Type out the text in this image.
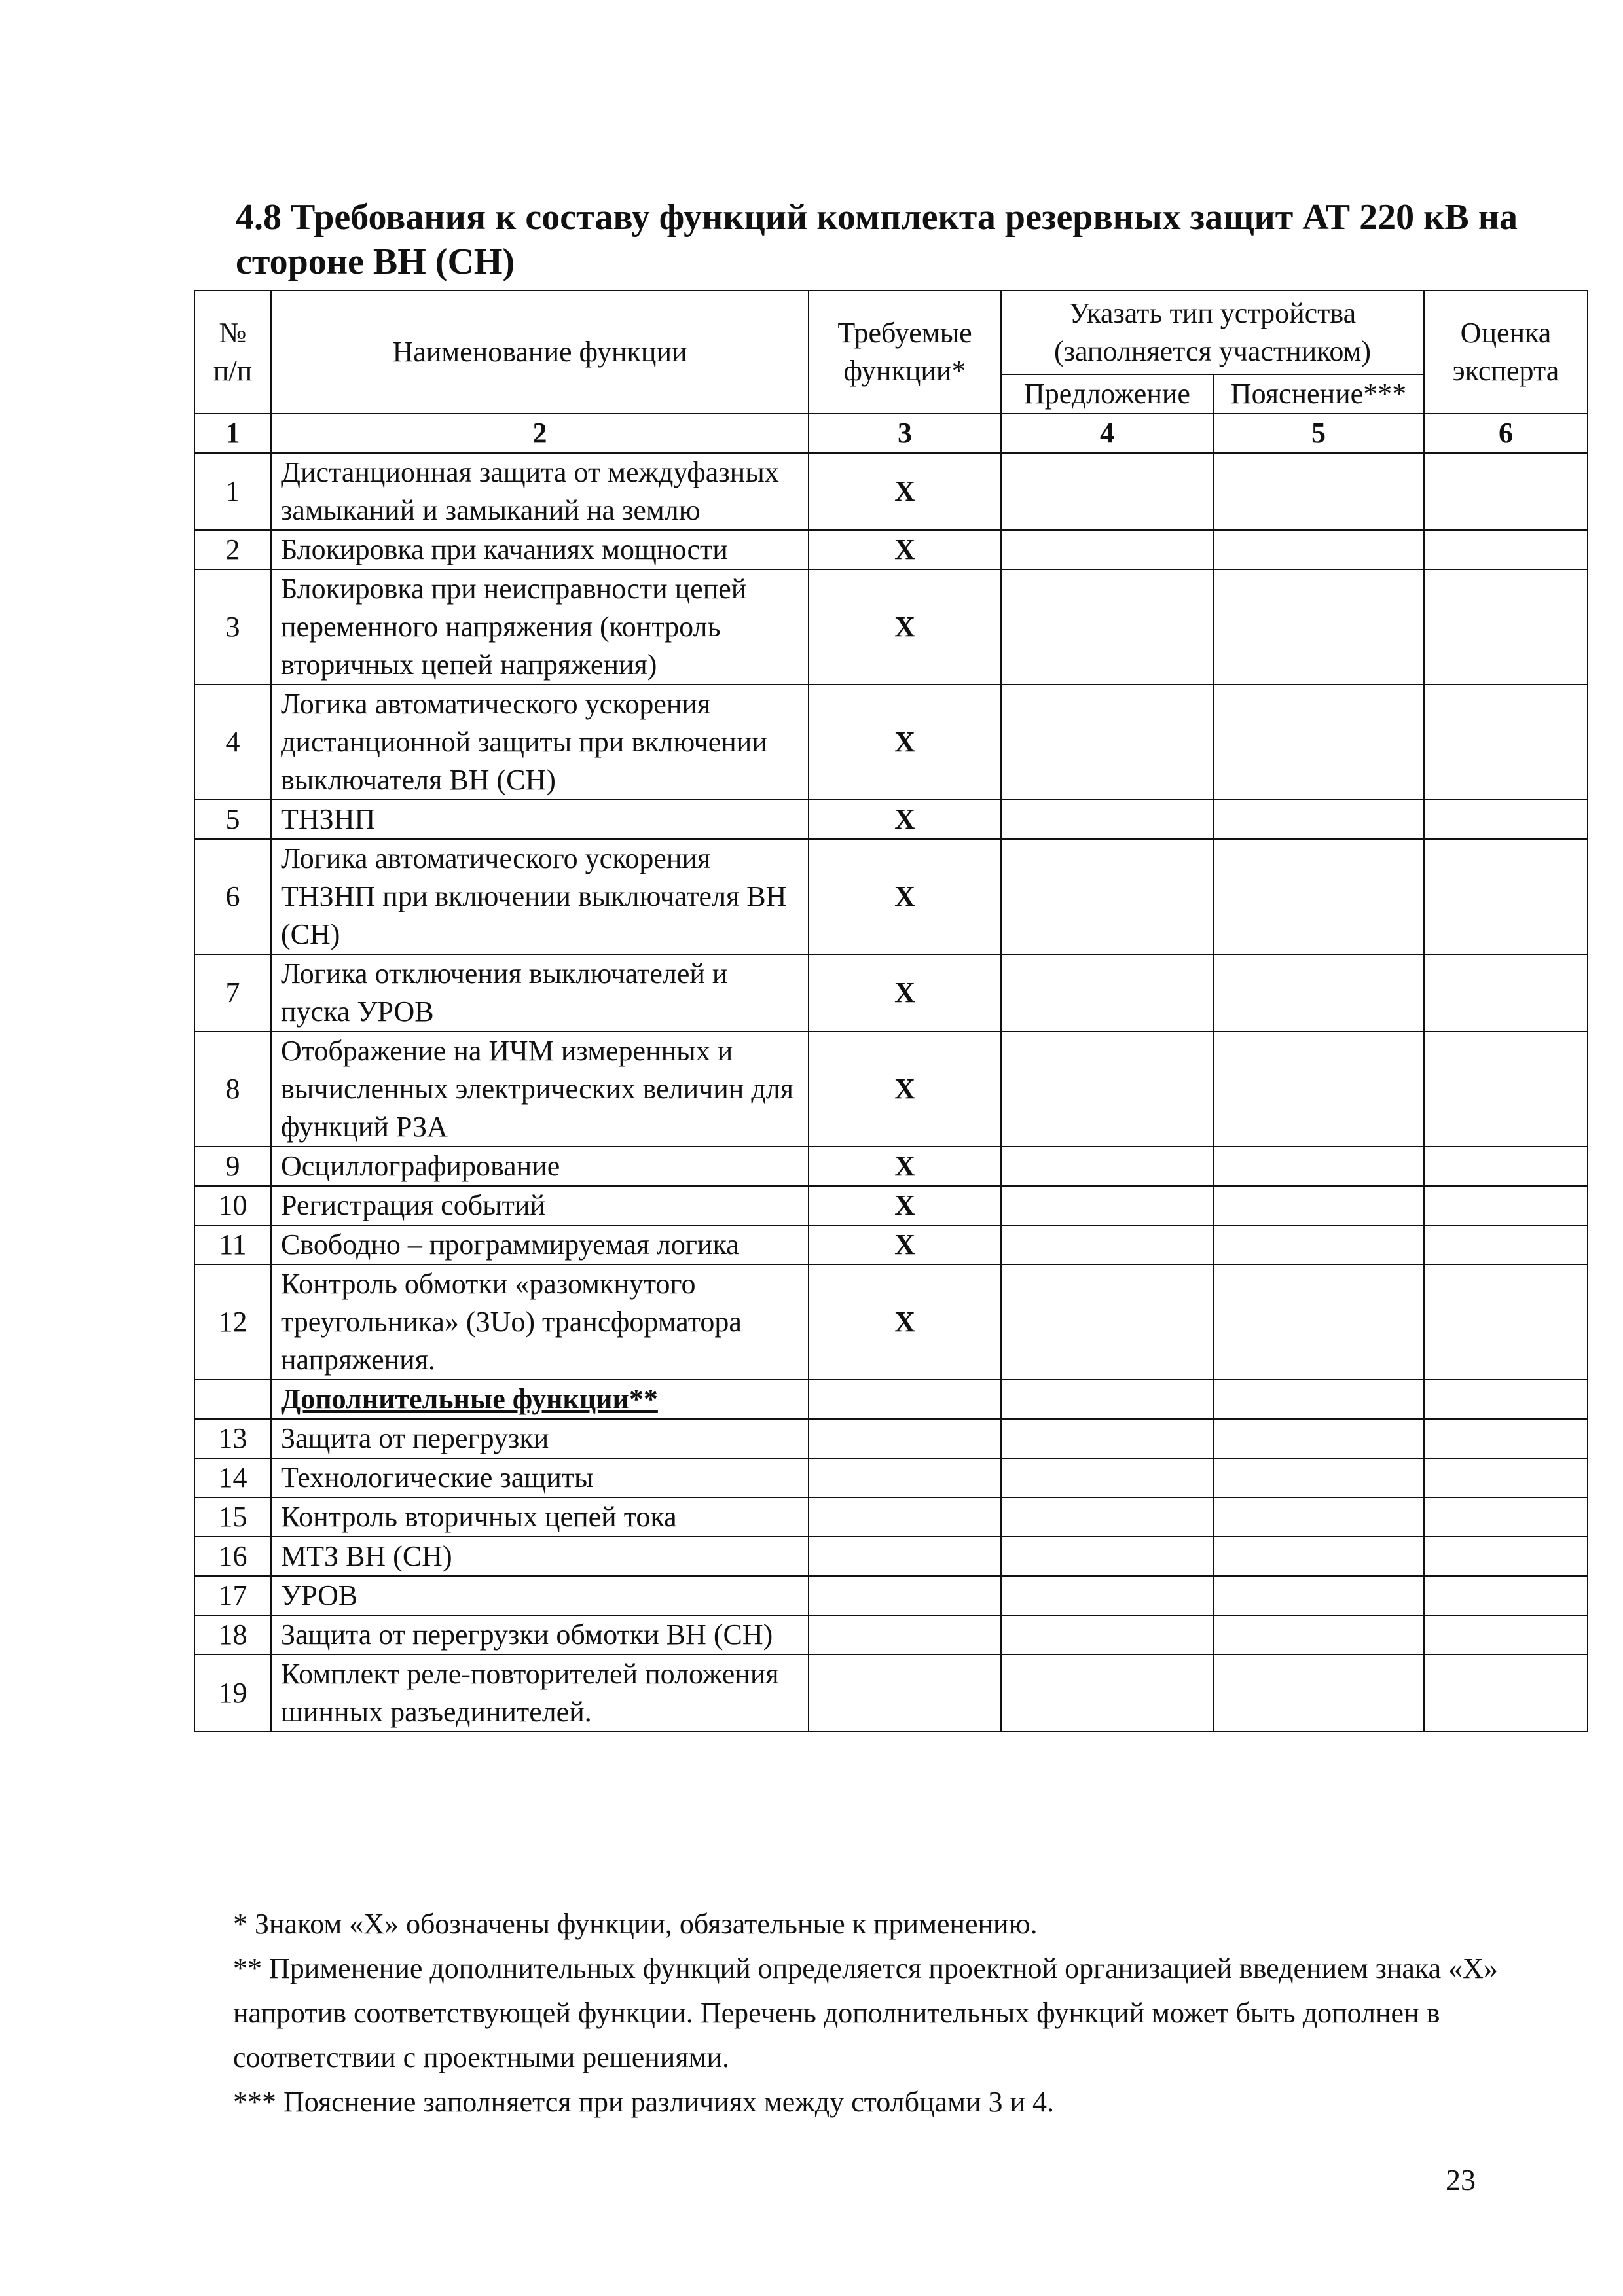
4.8 Требования к составу функций комплекта резервных защит АТ 220 кВ на стороне ВН (СН)
№ п/п	Наименование функции	Требуемые функции*	Указать тип устройства (заполняется участником)		Оценка эксперта
			Предложение	Пояснение***	
1	2	3	4	5	6
1	Дистанционная защита от междуфазных замыканий и замыканий на землю	X			
2	Блокировка при качаниях мощности	X			
3	Блокировка при неисправности цепей переменного напряжения (контроль вторичных цепей напряжения)	X			
4	Логика автоматического ускорения дистанционной защиты при включении выключателя ВН (СН)	X			
5	ТНЗНП	X			
6	Логика автоматического ускорения ТНЗНП при включении выключателя ВН (СН)	X			
7	Логика отключения выключателей и пуска УРОВ	X			
8	Отображение на ИЧМ измеренных и вычисленных электрических величин для функций РЗА	X			
9	Осциллографирование	X			
10	Регистрация событий	X			
11	Свободно – программируемая логика	X			
12	Контроль обмотки «разомкнутого треугольника» (3Uo) трансформатора напряжения.	X			
	Дополнительные функции**				
13	Защита от перегрузки				
14	Технологические защиты				
15	Контроль вторичных цепей тока				
16	МТЗ ВН (СН)				
17	УРОВ				
18	Защита от перегрузки обмотки ВН (СН)				
19	Комплект реле-повторителей положения шинных разъединителей.				

* Знаком «Х» обозначены функции, обязательные к применению.

** Применение дополнительных функций определяется проектной организацией введением знака «Х» напротив соответствующей функции. Перечень дополнительных функций может быть дополнен в соответствии с проектными решениями.

*** Пояснение заполняется при различиях между столбцами 3 и 4.

23
